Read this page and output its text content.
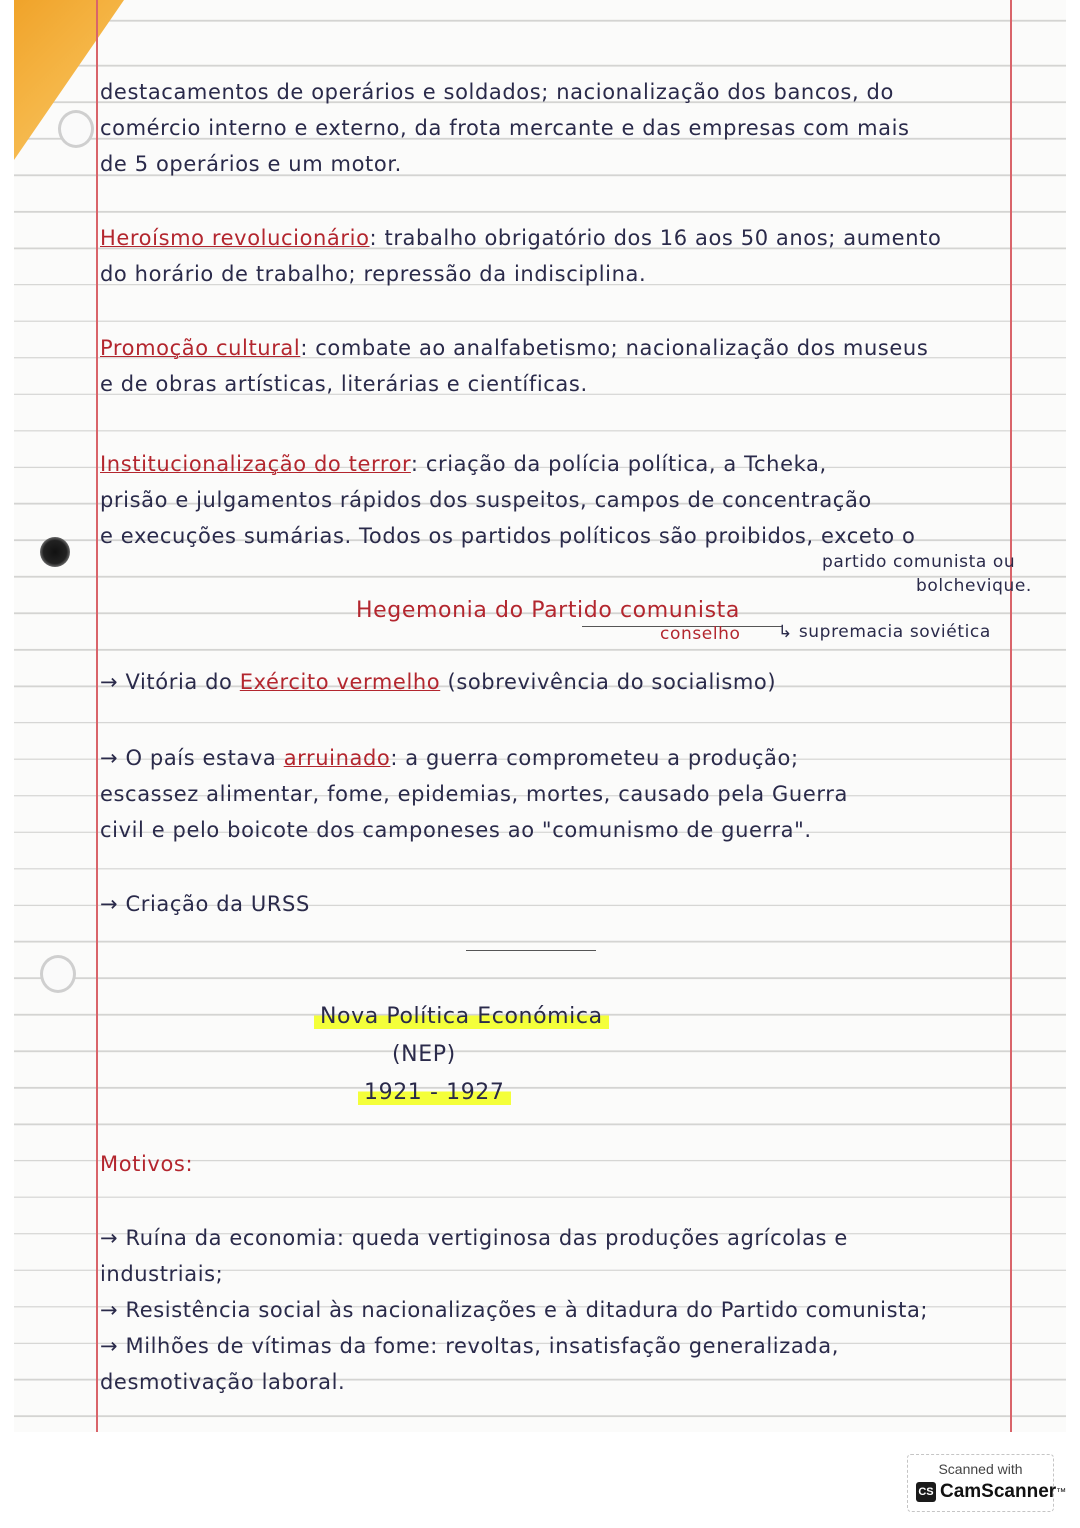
destacamentos de operários e soldados; nacionalização dos bancos, do
comércio interno e externo, da frota mercante e das empresas com mais
de 5 operários e um motor.
Heroísmo revolucionário: trabalho obrigatório dos 16 aos 50 anos; aumento
do horário de trabalho; repressão da indisciplina.
Promoção cultural: combate ao analfabetismo; nacionalização dos museus
e de obras artísticas, literárias e científicas.
Institucionalização do terror: criação da polícia política, a Tcheka,
prisão e julgamentos rápidos dos suspeitos, campos de concentração
e execuções sumárias. Todos os partidos políticos são proibidos, exceto o
partido comunista ou
bolchevique.
Hegemonia do Partido comunista
conselho ↳ supremacia soviética
→ Vitória do Exército vermelho (sobrevivência do socialismo)
→ O país estava arruinado: a guerra comprometeu a produção;
escassez alimentar, fome, epidemias, mortes, causado pela Guerra
civil e pelo boicote dos camponeses ao "comunismo de guerra".
→ Criação da URSS
Nova Política Económica
(NEP)
1921 - 1927
Motivos:
→ Ruína da economia: queda vertiginosa das produções agrícolas e
industriais;
→ Resistência social às nacionalizações e à ditadura do Partido comunista;
→ Milhões de vítimas da fome: revoltas, insatisfação generalizada,
desmotivação laboral.
Scanned with
CS CamScanner ™
